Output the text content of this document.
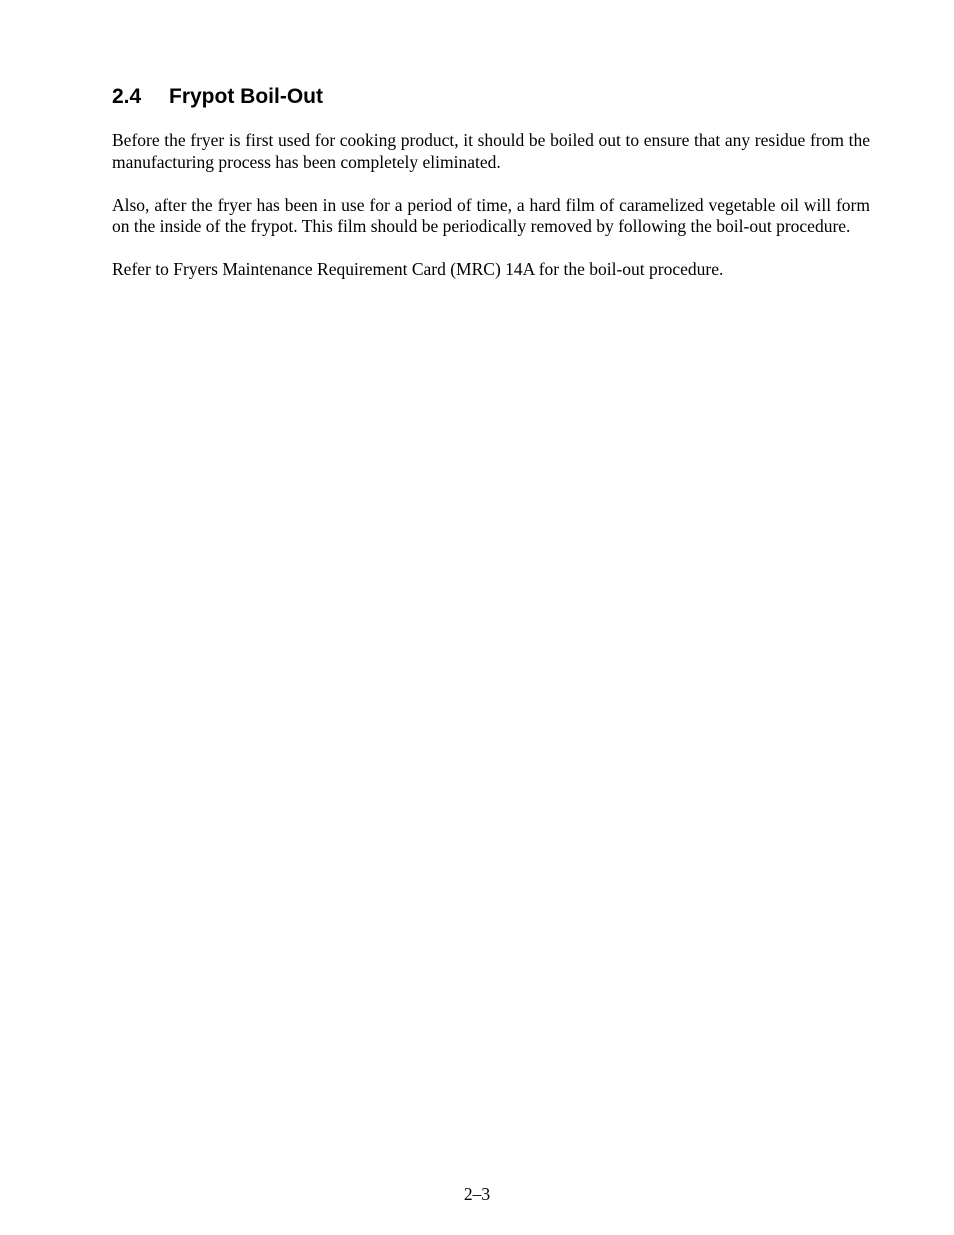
2.4 Frypot Boil-Out

Before the fryer is first used for cooking product, it should be boiled out to ensure that any residue from the manufacturing process has been completely eliminated.

Also, after the fryer has been in use for a period of time, a hard film of caramelized vegetable oil will form on the inside of the frypot. This film should be periodically removed by following the boil-out procedure.

Refer to Fryers Maintenance Requirement Card (MRC) 14A for the boil-out procedure.

2–3
